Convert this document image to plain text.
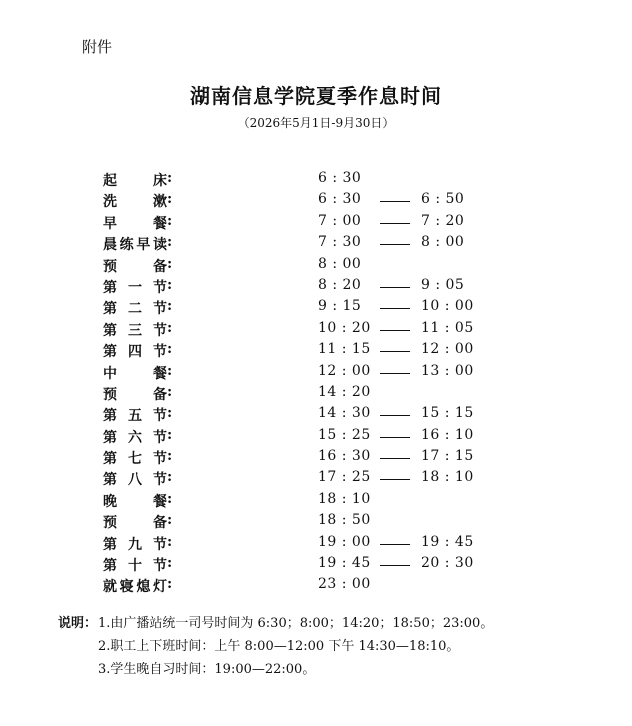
附件
湖南信息学院夏季作息时间
（2026年5月1日-9月30日）
起	床 :	6 : 30
洗	漱 :	6 : 30	6 : 50
早	餐 :	7 : 00	7 : 20
晨 练 早 读 :	7 : 30	8 : 00
预	备 :	8 : 00
第 一 节 :	8 : 20	9 : 05
第 二 节 :	9 : 15	10 : 00
第 三 节 :	10 : 20	11 : 05
第 四 节 :	11 : 15	12 : 00
中	餐 :	12 : 00	13 : 00
预	备 :	14 : 20
第 五 节 :	14 : 30	15 : 15
第 六 节 :	15 : 25	16 : 10
第 七 节 :	16 : 30	17 : 15
第 八 节 :	17 : 25	18 : 10
晚	餐 :	18 : 10
预	备 :	18 : 50
第 九 节 :	19 : 00	19 : 45
第 十 节 :	19 : 45	20 : 30
就 寝 熄 灯 :	23 : 00
说明： 1.由广播站统一司号时间为 6:30；8:00；14:20；18:50；23:00。
2.职工上下班时间：上午 8:00—12:00 下午 14:30—18:10。
3.学生晚自习时间：19:00—22:00。
